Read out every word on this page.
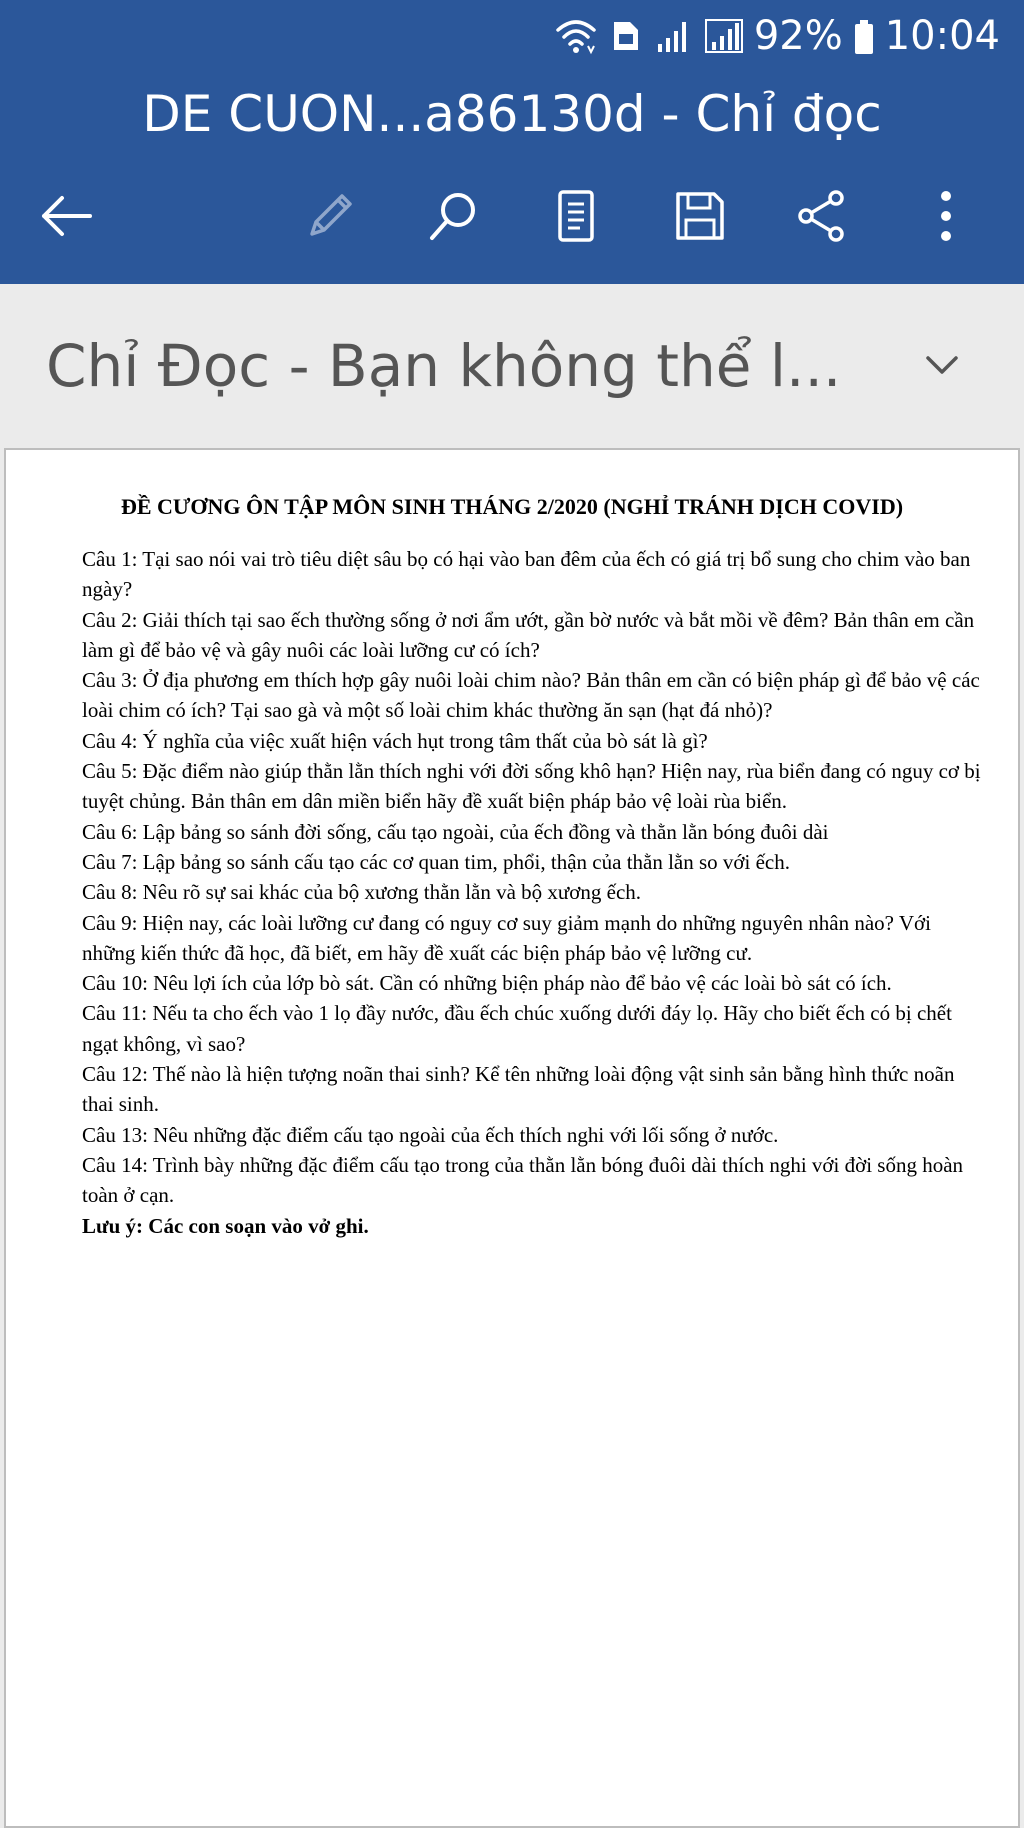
92% 10:04
DE CUON...a86130d - Chỉ đọc
Chỉ Đọc - Bạn không thể l...
ĐỀ CƯƠNG ÔN TẬP MÔN SINH THÁNG 2/2020 (NGHỈ TRÁNH DỊCH COVID)

Câu 1: Tại sao nói vai trò tiêu diệt sâu bọ có hại vào ban đêm của ếch có giá trị bổ sung cho chim vào ban ngày?

Câu 2: Giải thích tại sao ếch thường sống ở nơi ẩm ướt, gần bờ nước và bắt mồi về đêm? Bản thân em cần làm gì để bảo vệ và gây nuôi các loài lưỡng cư có ích?

Câu 3: Ở địa phương em thích hợp gây nuôi loài chim nào? Bản thân em cần có biện pháp gì để bảo vệ các loài chim có ích? Tại sao gà và một số loài chim khác thường ăn sạn (hạt đá nhỏ)?

Câu 4: Ý nghĩa của việc xuất hiện vách hụt trong tâm thất của bò sát là gì?

Câu 5: Đặc điểm nào giúp thằn lằn thích nghi với đời sống khô hạn? Hiện nay, rùa biển đang có nguy cơ bị tuyệt chủng. Bản thân em dân miền biển hãy đề xuất biện pháp bảo vệ loài rùa biển.

Câu 6: Lập bảng so sánh đời sống, cấu tạo ngoài, của ếch đồng và thằn lằn bóng đuôi dài

Câu 7: Lập bảng so sánh cấu tạo các cơ quan tim, phổi, thận của thằn lằn so với ếch.

Câu 8: Nêu rõ sự sai khác của bộ xương thằn lằn và bộ xương ếch.

Câu 9: Hiện nay, các loài lưỡng cư đang có nguy cơ suy giảm mạnh do những nguyên nhân nào? Với những kiến thức đã học, đã biết, em hãy đề xuất các biện pháp bảo vệ lưỡng cư.

Câu 10: Nêu lợi ích của lớp bò sát. Cần có những biện pháp nào để bảo vệ các loài bò sát có ích.

Câu 11: Nếu ta cho ếch vào 1 lọ đầy nước, đầu ếch chúc xuống dưới đáy lọ. Hãy cho biết ếch có bị chết ngạt không, vì sao?

Câu 12: Thế nào là hiện tượng noãn thai sinh? Kể tên những loài động vật sinh sản bằng hình thức noãn thai sinh.

Câu 13: Nêu những đặc điểm cấu tạo ngoài của ếch thích nghi với lối sống ở nước.

Câu 14: Trình bày những đặc điểm cấu tạo trong của thằn lằn bóng đuôi dài thích nghi với đời sống hoàn toàn ở cạn.

Lưu ý: Các con soạn vào vở ghi.
